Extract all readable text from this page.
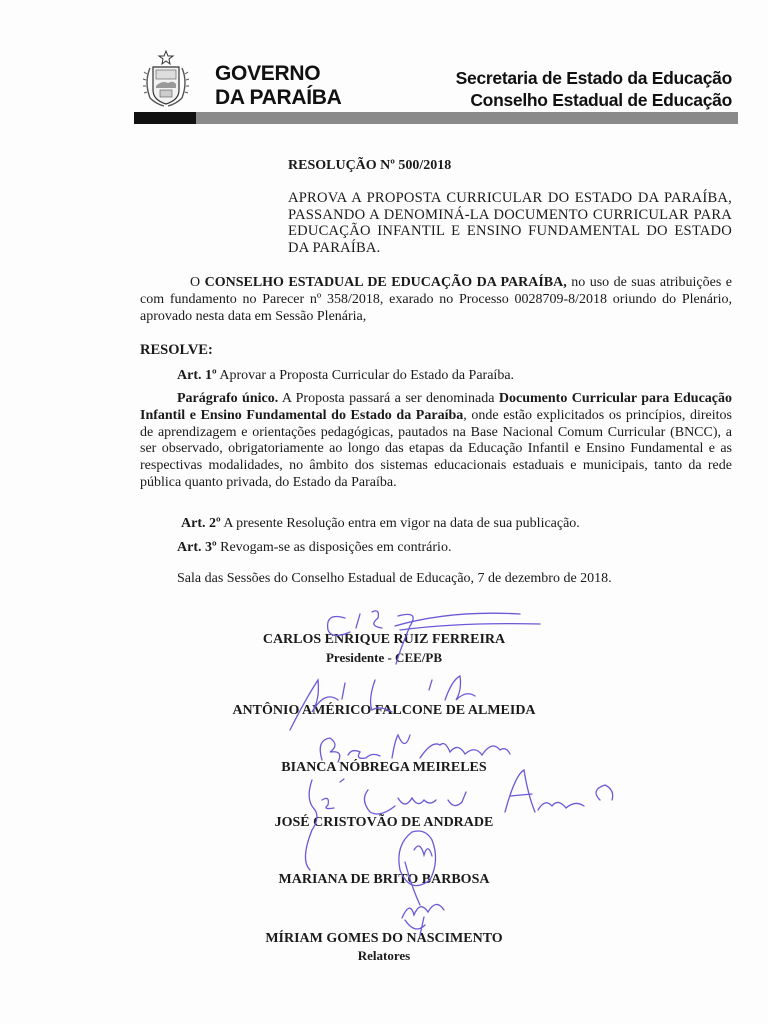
GOVERNO
DA PARAÍBA
Secretaria de Estado da Educação
Conselho Estadual de Educação
RESOLUÇÃO Nº 500/2018
APROVA A PROPOSTA CURRICULAR DO ESTADO DA PARAÍBA, PASSANDO A DENOMINÁ-LA DOCUMENTO CURRICULAR PARA EDUCAÇÃO INFANTIL E ENSINO FUNDAMENTAL DO ESTADO DA PARAÍBA.
O CONSELHO ESTADUAL DE EDUCAÇÃO DA PARAÍBA, no uso de suas atribuições e com fundamento no Parecer nº 358/2018, exarado no Processo 0028709-8/2018 oriundo do Plenário, aprovado nesta data em Sessão Plenária,
RESOLVE:
Art. 1º Aprovar a Proposta Curricular do Estado da Paraíba.
Parágrafo único. A Proposta passará a ser denominada Documento Curricular para Educação Infantil e Ensino Fundamental do Estado da Paraíba, onde estão explicitados os princípios, direitos de aprendizagem e orientações pedagógicas, pautados na Base Nacional Comum Curricular (BNCC), a ser observado, obrigatoriamente ao longo das etapas da Educação Infantil e Ensino Fundamental e as respectivas modalidades, no âmbito dos sistemas educacionais estaduais e municipais, tanto da rede pública quanto privada, do Estado da Paraíba.
Art. 2º A presente Resolução entra em vigor na data de sua publicação.
Art. 3º Revogam-se as disposições em contrário.
Sala das Sessões do Conselho Estadual de Educação, 7 de dezembro de 2018.
CARLOS ENRIQUE RUIZ FERREIRA
Presidente - CEE/PB
ANTÔNIO AMÉRICO FALCONE DE ALMEIDA
BIANCA NÓBREGA MEIRELES
JOSÉ CRISTOVÃO DE ANDRADE
MARIANA DE BRITO BARBOSA
MÍRIAM GOMES DO NASCIMENTO
Relatores
